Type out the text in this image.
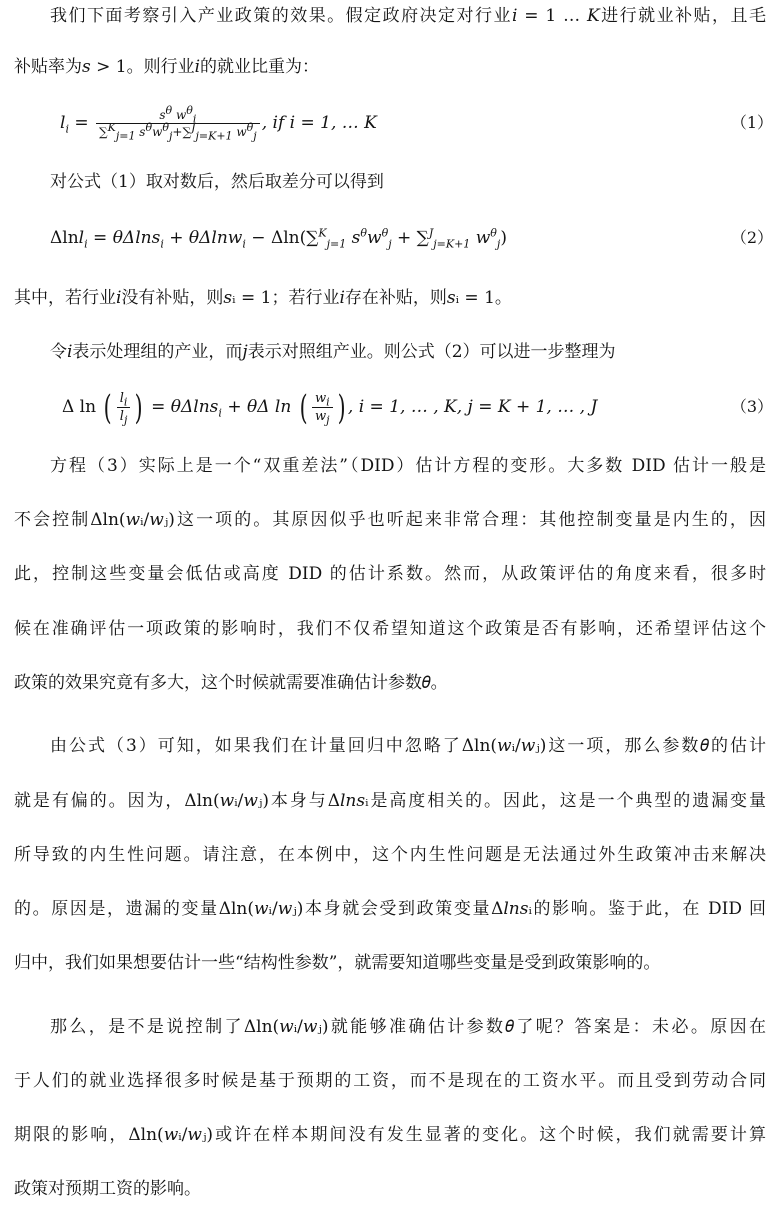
我们下面考察引入产业政策的效果。假定政府决定对行业𝑖 = 1 … 𝐾进行就业补贴，且毛
补贴率为𝑠 > 1。则行业𝑖的就业比重为：
$l_i = \frac{s^\theta w^\theta_i}{\sum^K_{j=1} s^\theta w^\theta_j+\sum^J_{j=K+1} w^\theta_j}$ , if i = 1, … K	（1）
对公式（1）取对数后，然后取差分可以得到
Δlnl$_i$ = θΔlns$_i$ + θΔlnw$_i$ − Δln(∑$^K_{j=1}$ $s^\theta w^\theta_j + \sum^J_{j=K+1}$ $w^\theta_j$)	（2）
其中，若行业𝑖没有补贴，则𝑠ᵢ = 1；若行业𝑖存在补贴，则𝑠ᵢ = 1。
令𝑖表示处理组的产业，而𝑗表示对照组产业。则公式（2）可以进一步整理为
Δ ln ( $\frac{l_i}{l_j}$ ) = θΔlns$_i$ + θΔ ln ( $\frac{w_i}{w_j}$ ) , i = 1, … , K, j = K + 1, … , J	（3）
方程（3）实际上是一个“双重差法”（DID）估计方程的变形。大多数 DID 估计一般是
不会控制Δln(𝑤ᵢ/𝑤ⱼ)这一项的。其原因似乎也听起来非常合理：其他控制变量是内生的，因
此，控制这些变量会低估或高度 DID 的估计系数。然而，从政策评估的角度来看，很多时
候在准确评估一项政策的影响时，我们不仅希望知道这个政策是否有影响，还希望评估这个
政策的效果究竟有多大，这个时候就需要准确估计参数𝜃。
由公式（3）可知，如果我们在计量回归中忽略了Δln(𝑤ᵢ/𝑤ⱼ)这一项，那么参数𝜃的估计
就是有偏的。因为，Δln(𝑤ᵢ/𝑤ⱼ)本身与Δ𝑙𝑛𝑠ᵢ是高度相关的。因此，这是一个典型的遗漏变量
所导致的内生性问题。请注意，在本例中，这个内生性问题是无法通过外生政策冲击来解决
的。原因是，遗漏的变量Δln(𝑤ᵢ/𝑤ⱼ)本身就会受到政策变量Δ𝑙𝑛𝑠ᵢ的影响。鉴于此，在 DID 回
归中，我们如果想要估计一些“结构性参数”，就需要知道哪些变量是受到政策影响的。
那么，是不是说控制了Δln(𝑤ᵢ/𝑤ⱼ)就能够准确估计参数𝜃了呢？答案是：未必。原因在
于人们的就业选择很多时候是基于预期的工资，而不是现在的工资水平。而且受到劳动合同
期限的影响，Δln(𝑤ᵢ/𝑤ⱼ)或许在样本期间没有发生显著的变化。这个时候，我们就需要计算
政策对预期工资的影响。
